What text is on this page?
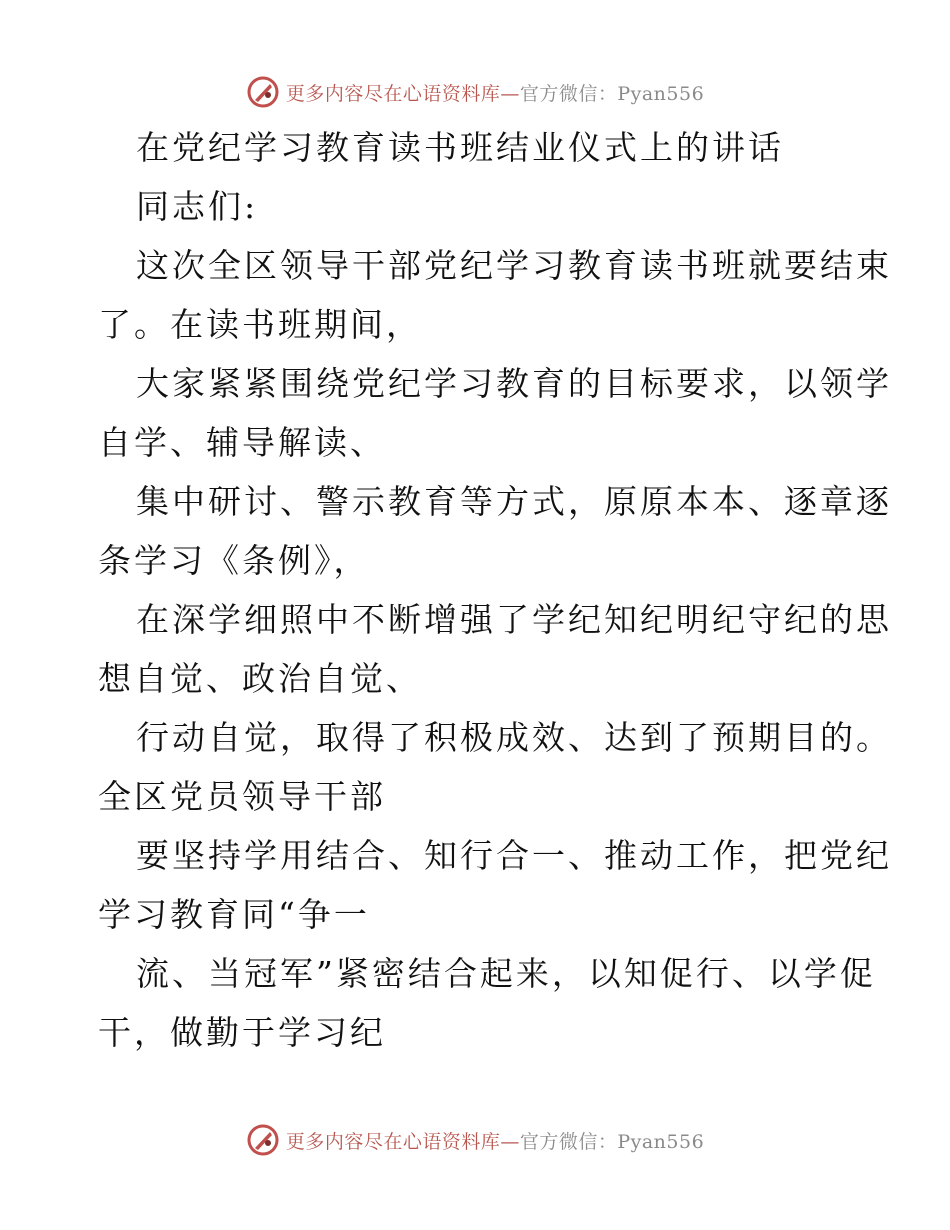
更多内容尽在心语资料库—官方微信：Pyan556
在党纪学习教育读书班结业仪式上的讲话
同志们:
这次全区领导干部党纪学习教育读书班就要结束
了。在读书班期间，
大家紧紧围绕党纪学习教育的目标要求，以领学
自学、辅导解读、
集中研讨、警示教育等方式，原原本本、逐章逐
条学习《条例》，
在深学细照中不断增强了学纪知纪明纪守纪的思
想自觉、政治自觉、
行动自觉，取得了积极成效、达到了预期目的。
全区党员领导干部
要坚持学用结合、知行合一、推动工作，把党纪
学习教育同“争一
流、当冠军”紧密结合起来，以知促行、以学促
干，做勤于学习纪
更多内容尽在心语资料库—官方微信：Pyan556
